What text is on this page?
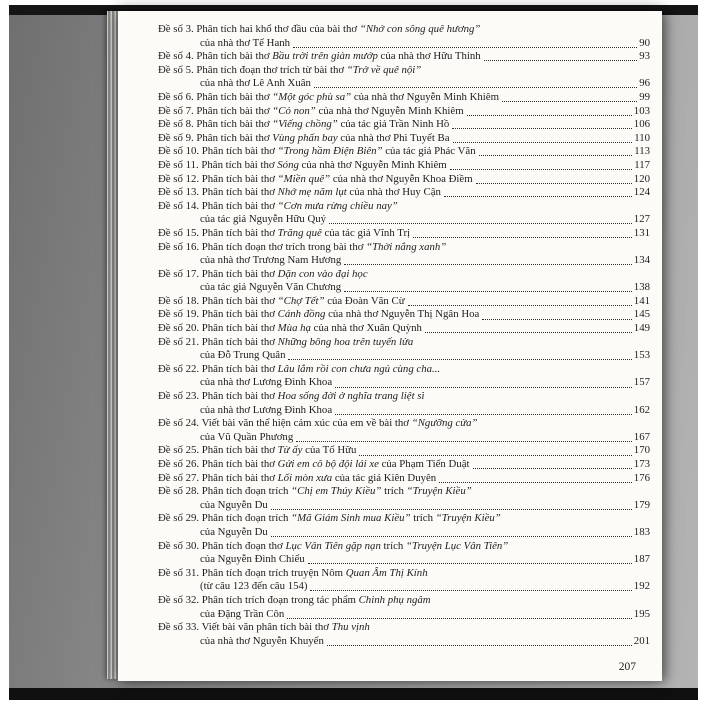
Đề số 3. Phân tích hai khổ thơ đầu của bài thơ “Nhớ con sông quê hương”
của nhà thơ Tế Hanh	90
Đề số 4. Phân tích bài thơ Bầu trời trên giàn mướp của nhà thơ Hữu Thỉnh	93
Đề số 5. Phân tích đoạn thơ trích từ bài thơ “Trở về quê nội”
của nhà thơ Lê Anh Xuân	96
Đề số 6. Phân tích bài thơ “Một góc phù sa” của nhà thơ Nguyễn Minh Khiêm	99
Đề số 7. Phân tích bài thơ “Cỏ non” của nhà thơ Nguyễn Minh Khiêm	103
Đề số 8. Phân tích bài thơ “Viếng chồng” của tác giả Trần Ninh Hồ	106
Đề số 9. Phân tích bài thơ Vùng phấn bay của nhà thơ Phi Tuyết Ba	110
Đề số 10. Phân tích bài thơ “Trong hầm Điện Biên” của tác giả Phác Văn	113
Đề số 11. Phân tích bài thơ Sóng của nhà thơ Nguyễn Minh Khiêm	117
Đề số 12. Phân tích bài thơ “Miền quê” của nhà thơ Nguyễn Khoa Điềm	120
Đề số 13. Phân tích bài thơ Nhớ mẹ năm lụt của nhà thơ Huy Cận	124
Đề số 14. Phân tích bài thơ “Cơn mưa rừng chiều nay”
của tác giả Nguyễn Hữu Quý	127
Đề số 15. Phân tích bài thơ Trăng quê của tác giả Vĩnh Trị	131
Đề số 16. Phân tích đoạn thơ trích trong bài thơ “Thời nắng xanh”
của nhà thơ Trương Nam Hương	134
Đề số 17. Phân tích bài thơ Dặn con vào đại học
của tác giả Nguyễn Văn Chương	138
Đề số 18. Phân tích bài thơ “Chợ Tết” của Đoàn Văn Cừ	141
Đề số 19. Phân tích bài thơ Cánh đồng của nhà thơ Nguyễn Thị Ngân Hoa	145
Đề số 20. Phân tích bài thơ Mùa hạ của nhà thơ Xuân Quỳnh	149
Đề số 21. Phân tích bài thơ Những bông hoa trên tuyến lửa
của Đỗ Trung Quân	153
Đề số 22. Phân tích bài thơ Lâu lắm rồi con chưa ngủ cùng cha...
của nhà thơ Lương Đình Khoa	157
Đề số 23. Phân tích bài thơ Hoa sống đời ở nghĩa trang liệt sĩ
của nhà thơ Lương Đình Khoa	162
Đề số 24. Viết bài văn thể hiện cảm xúc của em về bài thơ “Ngưỡng cửa”
của Vũ Quần Phương	167
Đề số 25. Phân tích bài thơ Từ ấy của Tố Hữu	170
Đề số 26. Phân tích bài thơ Gửi em cô bộ đội lái xe của Phạm Tiến Duật	173
Đề số 27. Phân tích bài thơ Lối mòn xưa của tác giả Kiên Duyên	176
Đề số 28. Phân tích đoạn trích “Chị em Thúy Kiều” trích “Truyện Kiều”
của Nguyễn Du	179
Đề số 29. Phân tích đoạn trích “Mã Giám Sinh mua Kiều” trích “Truyện Kiều”
của Nguyễn Du	183
Đề số 30. Phân tích đoạn thơ Lục Vân Tiên gặp nạn trích “Truyện Lục Vân Tiên”
của Nguyễn Đình Chiểu	187
Đề số 31. Phân tích đoạn trích truyện Nôm Quan Âm Thị Kính
(từ câu 123 đến câu 154)	192
Đề số 32. Phân tích trích đoạn trong tác phẩm Chinh phụ ngâm
của Đặng Trần Côn	195
Đề số 33. Viết bài văn phân tích bài thơ Thu vịnh
của nhà thơ Nguyễn Khuyến	201
207
